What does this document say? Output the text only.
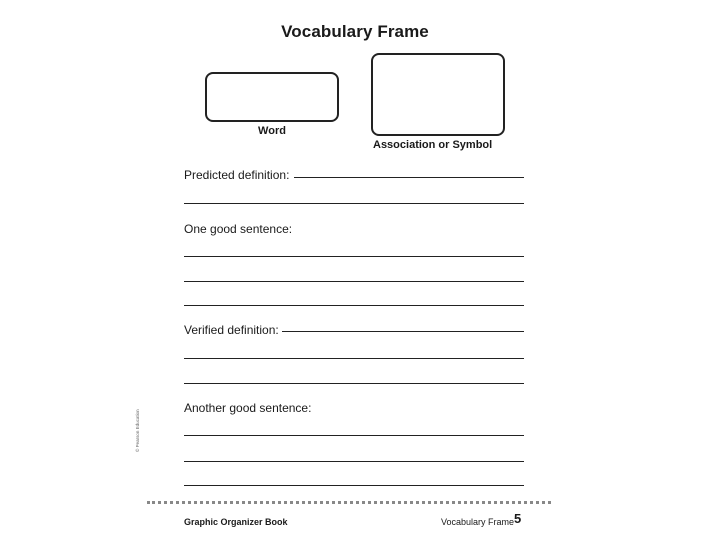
Vocabulary Frame
Word
Association or Symbol
Predicted definition:
One good sentence:
Verified definition:
Another good sentence:
© Pearson Education
Graphic Organizer Book	Vocabulary Frame 5
